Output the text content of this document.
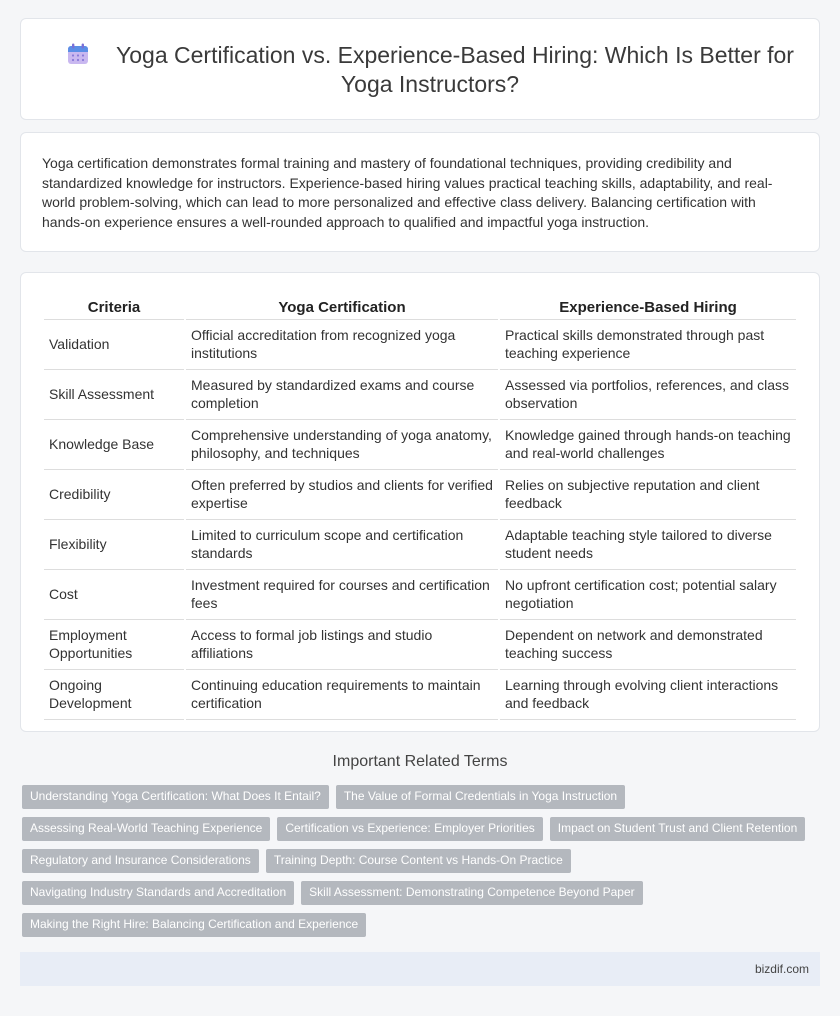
Yoga Certification vs. Experience-Based Hiring: Which Is Better for Yoga Instructors?

Yoga certification demonstrates formal training and mastery of foundational techniques, providing credibility and standardized knowledge for instructors. Experience-based hiring values practical teaching skills, adaptability, and real-world problem-solving, which can lead to more personalized and effective class delivery. Balancing certification with hands-on experience ensures a well-rounded approach to qualified and impactful yoga instruction.

Criteria	Yoga Certification	Experience-Based Hiring
Validation	Official accreditation from recognized yoga institutions	Practical skills demonstrated through past teaching experience
Skill Assessment	Measured by standardized exams and course completion	Assessed via portfolios, references, and class observation
Knowledge Base	Comprehensive understanding of yoga anatomy, philosophy, and techniques	Knowledge gained through hands-on teaching and real-world challenges
Credibility	Often preferred by studios and clients for verified expertise	Relies on subjective reputation and client feedback
Flexibility	Limited to curriculum scope and certification standards	Adaptable teaching style tailored to diverse student needs
Cost	Investment required for courses and certification fees	No upfront certification cost; potential salary negotiation
Employment Opportunities	Access to formal job listings and studio affiliations	Dependent on network and demonstrated teaching success
Ongoing Development	Continuing education requirements to maintain certification	Learning through evolving client interactions and feedback
Important Related Terms
Understanding Yoga Certification: What Does It Entail?	The Value of Formal Credentials in Yoga Instruction
Assessing Real-World Teaching Experience	Certification vs Experience: Employer Priorities	Impact on Student Trust and Client Retention
Regulatory and Insurance Considerations	Training Depth: Course Content vs Hands-On Practice
Navigating Industry Standards and Accreditation	Skill Assessment: Demonstrating Competence Beyond Paper
Making the Right Hire: Balancing Certification and Experience
bizdif.com
